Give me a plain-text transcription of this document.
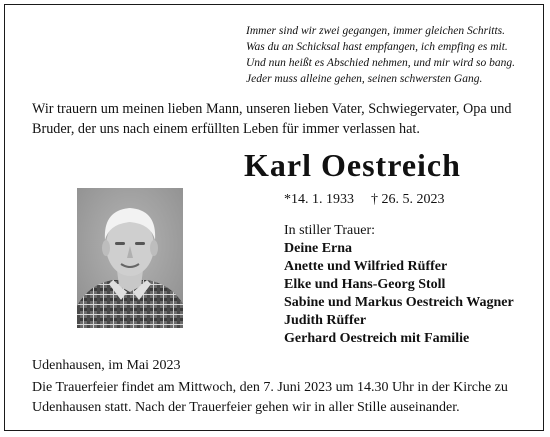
Immer sind wir zwei gegangen, immer gleichen Schritts.
Was du an Schicksal hast empfangen, ich empfing es mit.
Und nun heißt es Abschied nehmen, und mir wird so bang.
Jeder muss alleine gehen, seinen schwersten Gang.
Wir trauern um meinen lieben Mann, unseren lieben Vater, Schwiegervater, Opa und
Bruder, der uns nach einem erfüllten Leben für immer verlassen hat.
Karl Oestreich
*14. 1. 1933 † 26. 5. 2023
In stiller Trauer:
Deine Erna
Anette und Wilfried Rüffer
Elke und Hans-Georg Stoll
Sabine und Markus Oestreich Wagner
Judith Rüffer
Gerhard Oestreich mit Familie
Udenhausen, im Mai 2023
Die Trauerfeier findet am Mittwoch, den 7. Juni 2023 um 14.30 Uhr in der Kirche zu
Udenhausen statt. Nach der Trauerfeier gehen wir in aller Stille auseinander.
